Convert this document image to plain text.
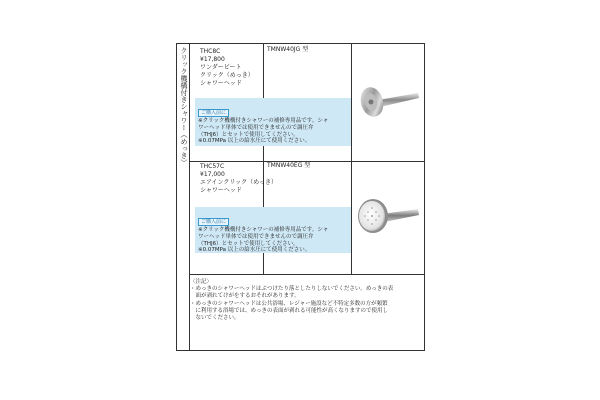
クリック機構付きシャワー（めっき）	THC8C
¥17,800
ワンダービート
クリック（めっき）
シャワーヘッド
TMNW40JG 型
ご購入前に
※クリック機構付きシャワーの補修専用品です。シャ
ワーヘッド単体では使用できませんので調圧弁
（THJ6）とセットで使用してください。
※0.07MPa 以上の給水圧にて使用ください。
THC57C
¥17,000
エアインクリック（めっき）
シャワーヘッド
TMNW40EG 型
ご購入前に
※クリック機構付きシャワーの補修専用品です。シャ
ワーヘッド単体では使用できませんので調圧弁
（THJ6）とセットで使用してください。
※0.07MPa 以上の給水圧にて使用ください。
〈注記〉
・めっきのシャワーヘッドはぶつけたり落としたりしないでください。めっきの表
　面が剥れてけがをするおそれがあります。
・めっきのシャワーヘッドは公共浴場、レジャー施設など不特定多数の方が頻繁
　に利用する浴場では、めっきの表面が剥れる可能性が高くなりますので使用し
　ないでください。
